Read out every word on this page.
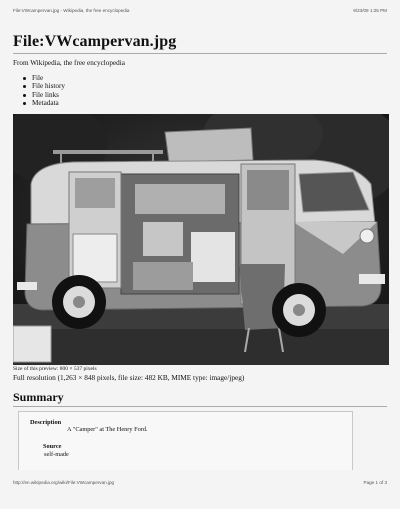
File:VWcampervan.jpg - Wikipedia, the free encyclopedia	9/23/09 1:25 PM
File:VWcampervan.jpg
From Wikipedia, the free encyclopedia
File
File history
File links
Metadata
Size of this preview: 800 × 537 pixels
Full resolution (1,263 × 848 pixels, file size: 482 KB, MIME type: image/jpeg)
Summary
Description
A "Camper" at The Henry Ford.
Source
self-made
http://en.wikipedia.org/wiki/File:VWcampervan.jpg	Page 1 of 3
